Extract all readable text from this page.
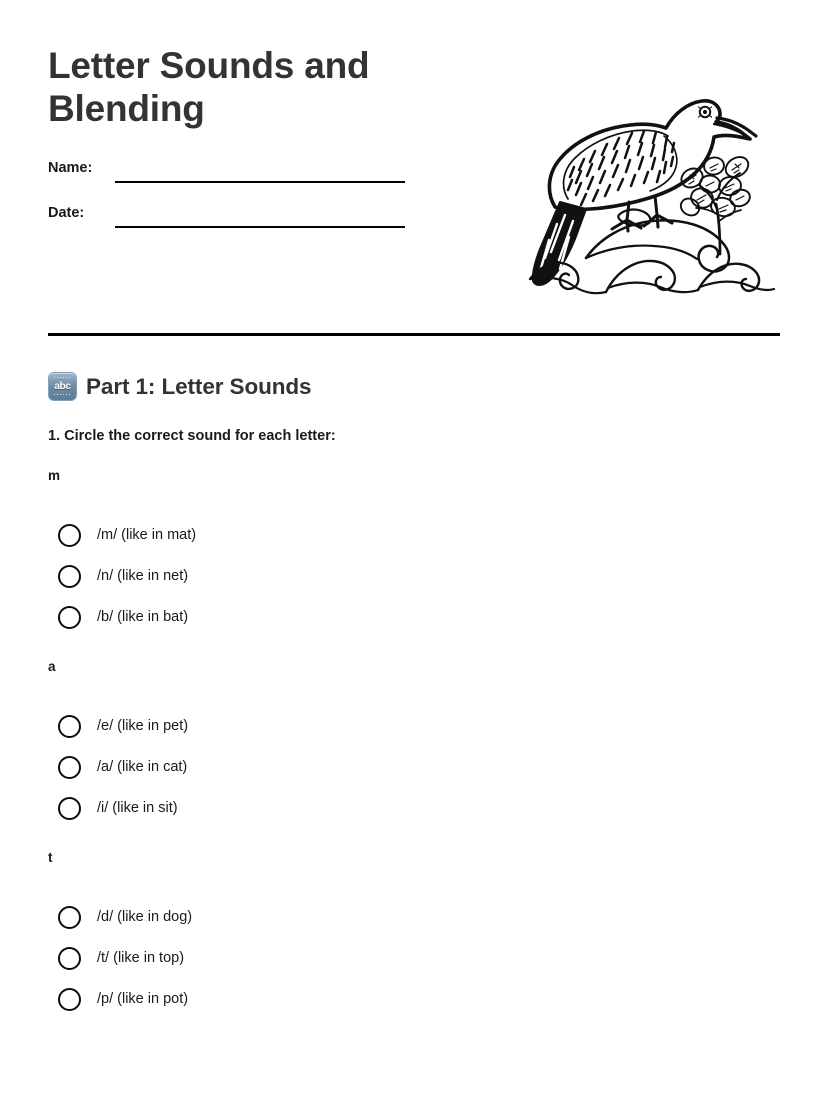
Letter Sounds and Blending
Name:
Date:
abc Part 1: Letter Sounds
1. Circle the correct sound for each letter:

m

/m/ (like in mat)
/n/ (like in net)
/b/ (like in bat)

a

/e/ (like in pet)
/a/ (like in cat)
/i/ (like in sit)

t

/d/ (like in dog)
/t/ (like in top)
/p/ (like in pot)
